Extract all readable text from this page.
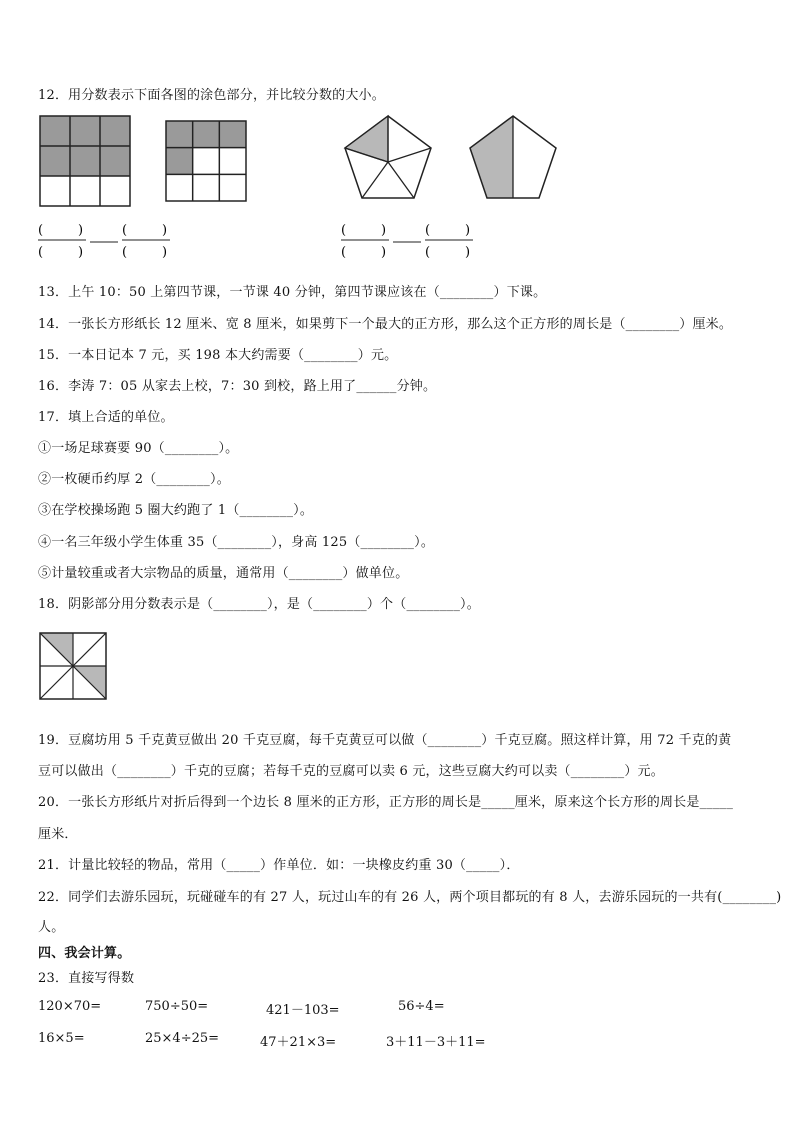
12．用分数表示下面各图的涂色部分，并比较分数的大小。
(	)
(	)
(	)
(	)
(	)
(	)
(	)
(	)
13．上午 10：50 上第四节课，一节课 40 分钟，第四节课应该在（________）下课。
14．一张长方形纸长 12 厘米、宽 8 厘米，如果剪下一个最大的正方形，那么这个正方形的周长是（________）厘米。
15．一本日记本 7 元，买 198 本大约需要（________）元。
16．李涛 7：05 从家去上校，7：30 到校，路上用了______分钟。
17．填上合适的单位。
①一场足球赛要 90（________）。
②一枚硬币约厚 2（________）。
③在学校操场跑 5 圈大约跑了 1（________）。
④一名三年级小学生体重 35（________），身高 125（________）。
⑤计量较重或者大宗物品的质量，通常用（________）做单位。
18．阴影部分用分数表示是（________），是（________）个（________）。
19．豆腐坊用 5 千克黄豆做出 20 千克豆腐，每千克黄豆可以做（________）千克豆腐。照这样计算，用 72 千克的黄
豆可以做出（________）千克的豆腐；若每千克的豆腐可以卖 6 元，这些豆腐大约可以卖（________）元。
20．一张长方形纸片对折后得到一个边长 8 厘米的正方形，正方形的周长是_____厘米，原来这个长方形的周长是_____
厘米．
21．计量比较轻的物品，常用（_____）作单位．如：一块橡皮约重 30（_____）．
22．同学们去游乐园玩，玩碰碰车的有 27 人，玩过山车的有 26 人，两个项目都玩的有 8 人，去游乐园玩的一共有(________)
人。
四、我会计算。
23．直接写得数
120×70=	750÷50=	421－103=	56÷4=
16×5=	25×4÷25=	47＋21×3=	3＋11－3＋11=
